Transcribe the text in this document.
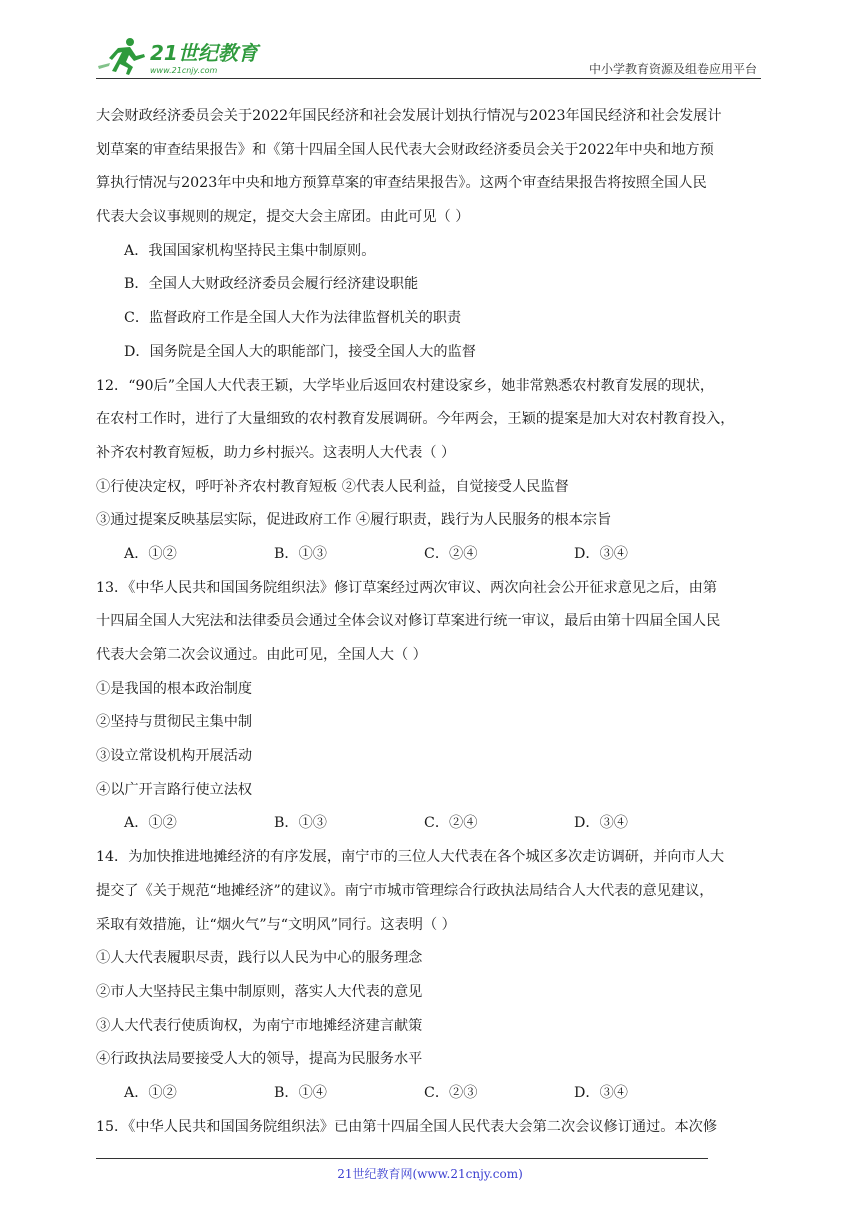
21世纪教育
www.21cnjy.com	中小学教育资源及组卷应用平台
大会财政经济委员会关于2022年国民经济和社会发展计划执行情况与2023年国民经济和社会发展计
划草案的审查结果报告》和《第十四届全国人民代表大会财政经济委员会关于2022年中央和地方预
算执行情况与2023年中央和地方预算草案的审查结果报告》。这两个审查结果报告将按照全国人民
代表大会议事规则的规定，提交大会主席团。由此可见（ ）
A．我国国家机构坚持民主集中制原则。
B．全国人大财政经济委员会履行经济建设职能
C．监督政府工作是全国人大作为法律监督机关的职责
D．国务院是全国人大的职能部门，接受全国人大的监督
12．“90后”全国人大代表王颖，大学毕业后返回农村建设家乡，她非常熟悉农村教育发展的现状，
在农村工作时，进行了大量细致的农村教育发展调研。今年两会，王颖的提案是加大对农村教育投入，
补齐农村教育短板，助力乡村振兴。这表明人大代表（ ）
①行使决定权，呼吁补齐农村教育短板 ②代表人民利益，自觉接受人民监督
③通过提案反映基层实际，促进政府工作 ④履行职责，践行为人民服务的根本宗旨
A．①②	B．①③	C．②④	D．③④
13．《中华人民共和国国务院组织法》修订草案经过两次审议、两次向社会公开征求意见之后，由第
十四届全国人大宪法和法律委员会通过全体会议对修订草案进行统一审议，最后由第十四届全国人民
代表大会第二次会议通过。由此可见，全国人大（ ）
①是我国的根本政治制度
②坚持与贯彻民主集中制
③设立常设机构开展活动
④以广开言路行使立法权
A．①②	B．①③	C．②④	D．③④
14．为加快推进地摊经济的有序发展，南宁市的三位人大代表在各个城区多次走访调研，并向市人大
提交了《关于规范“地摊经济”的建议》。南宁市城市管理综合行政执法局结合人大代表的意见建议，
采取有效措施，让“烟火气”与“文明风”同行。这表明（ ）
①人大代表履职尽责，践行以人民为中心的服务理念
②市人大坚持民主集中制原则，落实人大代表的意见
③人大代表行使质询权，为南宁市地摊经济建言献策
④行政执法局要接受人大的领导，提高为民服务水平
A．①②	B．①④	C．②③	D．③④
15．《中华人民共和国国务院组织法》已由第十四届全国人民代表大会第二次会议修订通过。本次修
21世纪教育网(www.21cnjy.com)
